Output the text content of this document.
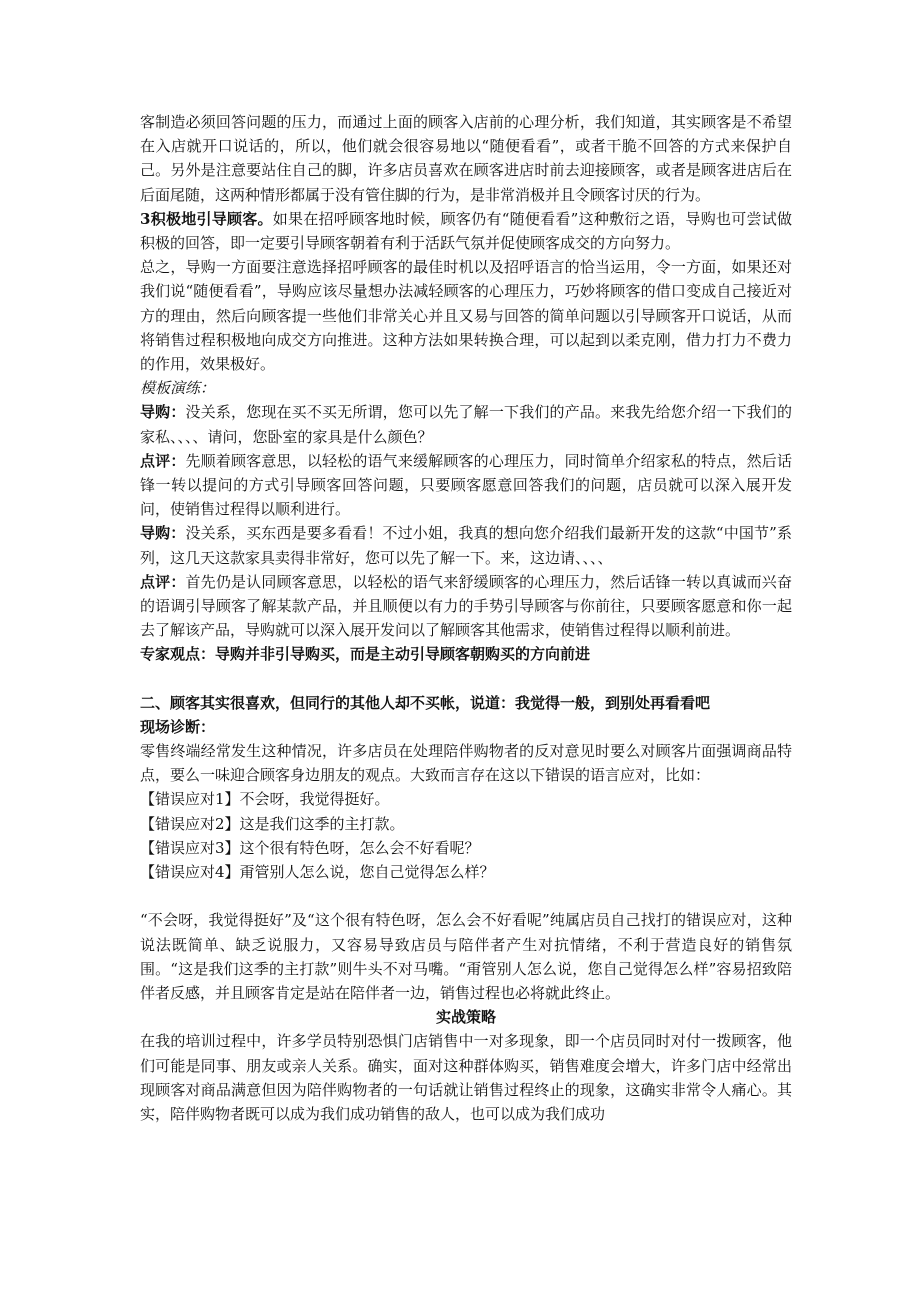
客制造必须回答问题的压力，而通过上面的顾客入店前的心理分析，我们知道，其实顾客是不希望在入店就开口说话的，所以，他们就会很容易地以“随便看看”，或者干脆不回答的方式来保护自己。另外是注意要站住自己的脚，许多店员喜欢在顾客进店时前去迎接顾客，或者是顾客进店后在后面尾随，这两种情形都属于没有管住脚的行为，是非常消极并且令顾客讨厌的行为。

3积极地引导顾客。如果在招呼顾客地时候，顾客仍有“随便看看”这种敷衍之语，导购也可尝试做积极的回答，即一定要引导顾客朝着有利于活跃气氛并促使顾客成交的方向努力。

总之，导购一方面要注意选择招呼顾客的最佳时机以及招呼语言的恰当运用，令一方面，如果还对我们说“随便看看”，导购应该尽量想办法减轻顾客的心理压力，巧妙将顾客的借口变成自己接近对方的理由，然后向顾客提一些他们非常关心并且又易与回答的简单问题以引导顾客开口说话，从而将销售过程积极地向成交方向推进。这种方法如果转换合理，可以起到以柔克刚，借力打力不费力的作用，效果极好。

模板演练：

导购：没关系，您现在买不买无所谓，您可以先了解一下我们的产品。来我先给您介绍一下我们的家私、、、、请问，您卧室的家具是什么颜色？

点评：先顺着顾客意思，以轻松的语气来缓解顾客的心理压力，同时简单介绍家私的特点，然后话锋一转以提问的方式引导顾客回答问题，只要顾客愿意回答我们的问题，店员就可以深入展开发问，使销售过程得以顺利进行。

导购：没关系，买东西是要多看看！不过小姐，我真的想向您介绍我们最新开发的这款“中国节”系列，这几天这款家具卖得非常好，您可以先了解一下。来，这边请、、、、

点评：首先仍是认同顾客意思，以轻松的语气来舒缓顾客的心理压力，然后话锋一转以真诚而兴奋的语调引导顾客了解某款产品，并且顺便以有力的手势引导顾客与你前往，只要顾客愿意和你一起去了解该产品，导购就可以深入展开发问以了解顾客其他需求，使销售过程得以顺利前进。

专家观点：导购并非引导购买，而是主动引导顾客朝购买的方向前进

二、顾客其实很喜欢，但同行的其他人却不买帐，说道：我觉得一般，到别处再看看吧

现场诊断：

零售终端经常发生这种情况，许多店员在处理陪伴购物者的反对意见时要么对顾客片面强调商品特点，要么一味迎合顾客身边朋友的观点。大致而言存在这以下错误的语言应对，比如：

【错误应对1】不会呀，我觉得挺好。

【错误应对2】这是我们这季的主打款。

【错误应对3】这个很有特色呀，怎么会不好看呢？

【错误应对4】甭管别人怎么说，您自己觉得怎么样？

“不会呀，我觉得挺好”及“这个很有特色呀，怎么会不好看呢”纯属店员自己找打的错误应对，这种说法既简单、缺乏说服力，又容易导致店员与陪伴者产生对抗情绪，不利于营造良好的销售氛围。“这是我们这季的主打款”则牛头不对马嘴。“甭管别人怎么说，您自己觉得怎么样”容易招致陪伴者反感，并且顾客肯定是站在陪伴者一边，销售过程也必将就此终止。

实战策略

在我的培训过程中，许多学员特别恐惧门店销售中一对多现象，即一个店员同时对付一拨顾客，他们可能是同事、朋友或亲人关系。确实，面对这种群体购买，销售难度会增大，许多门店中经常出现顾客对商品满意但因为陪伴购物者的一句话就让销售过程终止的现象，这确实非常令人痛心。其实，陪伴购物者既可以成为我们成功销售的敌人，也可以成为我们成功
